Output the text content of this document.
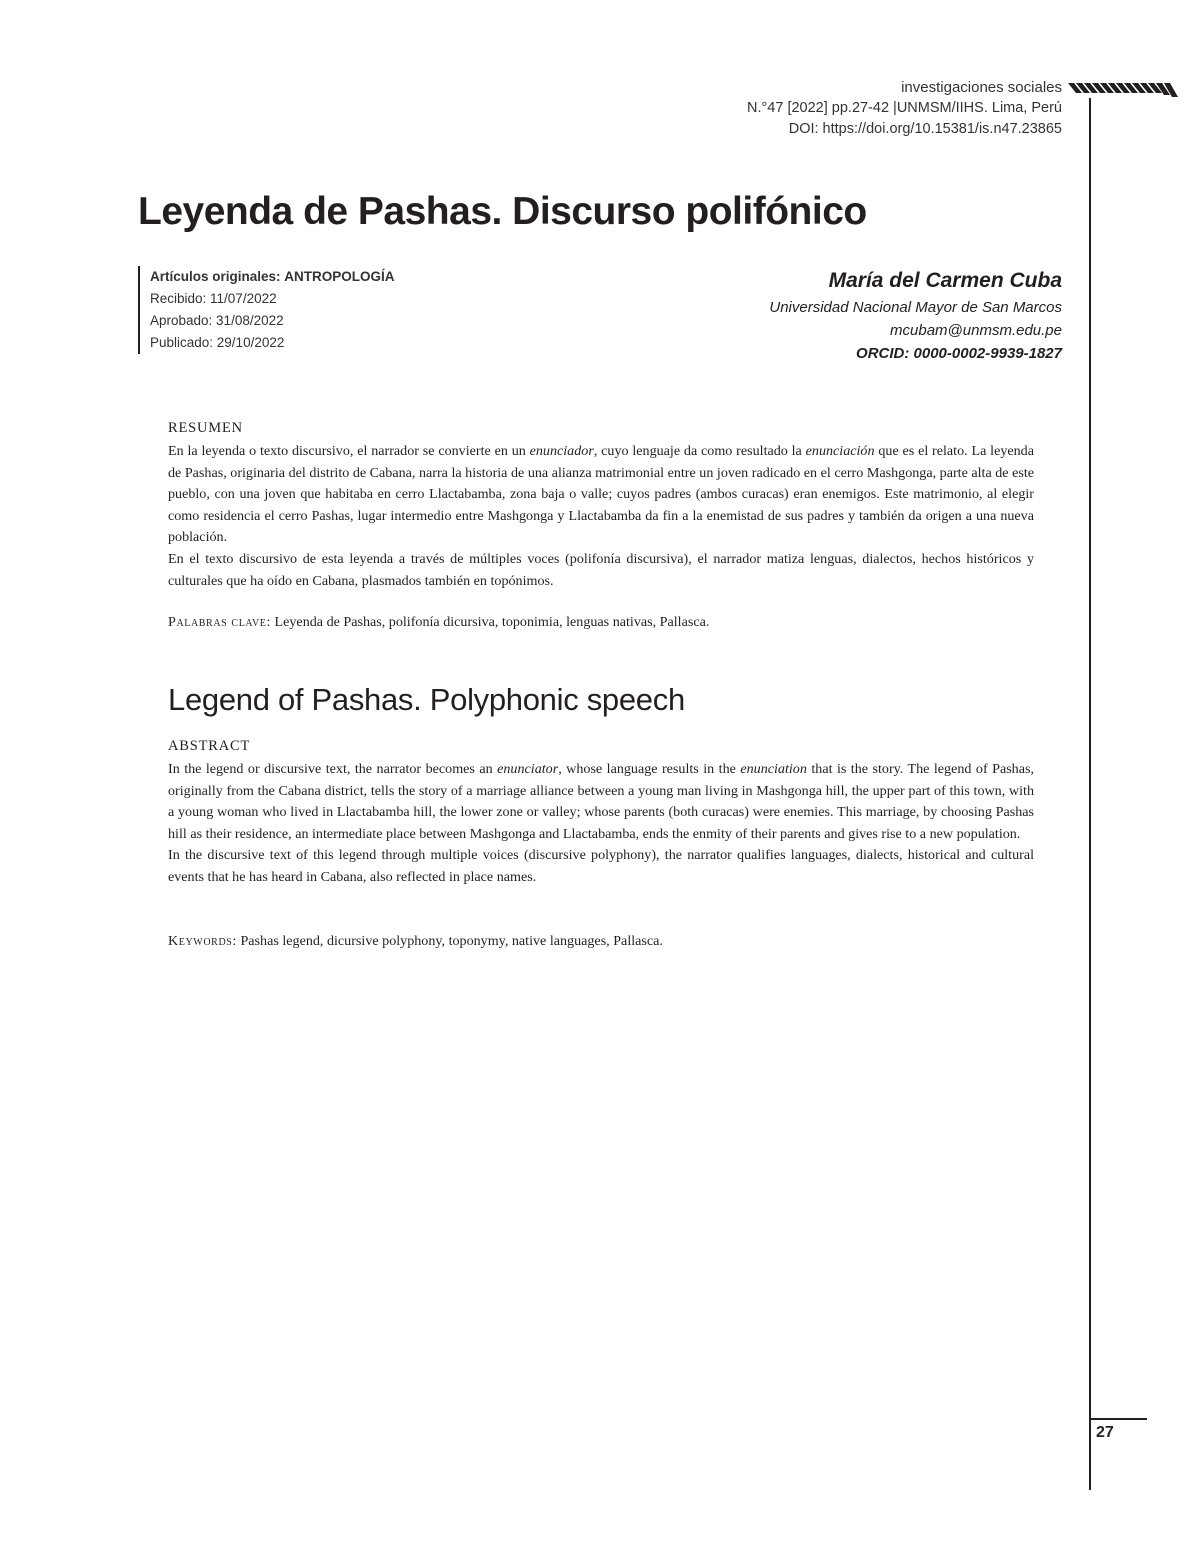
investigaciones sociales
N.°47 [2022] pp.27-42 |UNMSM/IIHS. Lima, Perú
DOI: https://doi.org/10.15381/is.n47.23865
27
Leyenda de Pashas. Discurso polifónico
Artículos originales: ANTROPOLOGÍA
Recibido: 11/07/2022
Aprobado: 31/08/2022
Publicado: 29/10/2022
María del Carmen Cuba
Universidad Nacional Mayor de San Marcos
mcubam@unmsm.edu.pe
ORCID: 0000-0002-9939-1827
RESUMEN

En la leyenda o texto discursivo, el narrador se convierte en un enunciador, cuyo lenguaje da como resultado la enunciación que es el relato. La leyenda de Pashas, originaria del distrito de Cabana, narra la historia de una alianza matrimonial entre un joven radicado en el cerro Mashgonga, parte alta de este pueblo, con una joven que habitaba en cerro Llactabamba, zona baja o valle; cuyos padres (ambos curacas) eran enemigos. Este matrimonio, al elegir como residencia el cerro Pashas, lugar intermedio entre Mashgonga y Llactabamba da fin a la enemistad de sus padres y también da origen a una nueva población.

En el texto discursivo de esta leyenda a través de múltiples voces (polifonía discursiva), el narrador matiza lenguas, dialectos, hechos históricos y culturales que ha oído en Cabana, plasmados también en topónimos.

Palabras clave: Leyenda de Pashas, polifonía dicursiva, toponimia, lenguas nativas, Pallasca.
Legend of Pashas. Polyphonic speech
ABSTRACT

In the legend or discursive text, the narrator becomes an enunciator, whose language results in the enunciation that is the story. The legend of Pashas, originally from the Cabana district, tells the story of a marriage alliance between a young man living in Mashgonga hill, the upper part of this town, with a young woman who lived in Llactabamba hill, the lower zone or valley; whose parents (both curacas) were enemies. This marriage, by choosing Pashas hill as their residence, an intermediate place between Mashgonga and Llactabamba, ends the enmity of their parents and gives rise to a new population.

In the discursive text of this legend through multiple voices (discursive polyphony), the narrator qualifies languages, dialects, historical and cultural events that he has heard in Cabana, also reflected in place names.

Keywords: Pashas legend, dicursive polyphony, toponymy, native languages, Pallasca.
